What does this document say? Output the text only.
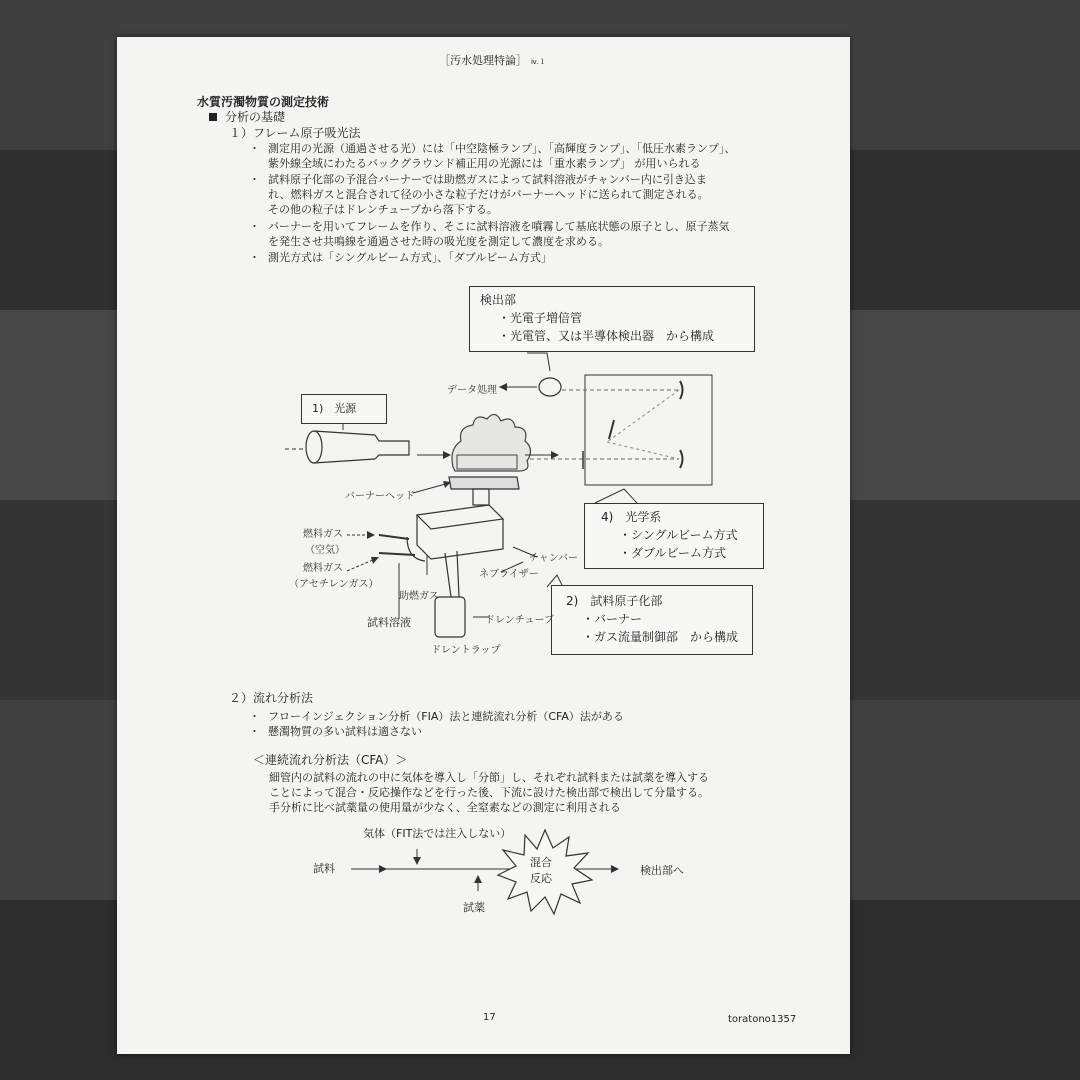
［汚水処理特論］ ⅳ.１
水質汚濁物質の測定技術
分析の基礎
１）フレーム原子吸光法
・ 測定用の光源（通過させる光）には「中空陰極ランプ」、「高輝度ランプ」、「低圧水素ランプ」、
紫外線全域にわたるバックグラウンド補正用の光源には「重水素ランプ」 が用いられる
・ 試料原子化部の予混合バーナーでは助燃ガスによって試料溶液がチャンバー内に引き込ま
れ、燃料ガスと混合されて径の小さな粒子だけがバーナーヘッドに送られて測定される。
その他の粒子はドレンチューブから落下する。
・ バーナーを用いてフレームを作り、そこに試料溶液を噴霧して基底状態の原子とし、原子蒸気
を発生させ共鳴線を通過させた時の吸光度を測定して濃度を求める。
・ 測光方式は「シングルビーム方式」、「ダブルビーム方式」
検出部
・光電子増倍管
・光電管、又は半導体検出器　から構成
データ処理
1)　光源
バーナーヘッド
4)　光学系
・シングルビーム方式
・ダブルビーム方式
燃料ガス
（空気）
燃料ガス
（アセチレンガス）
チャンバー
ネブライザー
助燃ガス	2)　試料原子化部
・バーナー
・ガス流量制御部　から構成
ドレンチューブ
試料溶液
ドレントラップ
２）流れ分析法
・ フローインジェクション分析（FIA）法と連続流れ分析（CFA）法がある
・ 懸濁物質の多い試料は適さない
＜連続流れ分析法（CFA）＞
細管内の試料の流れの中に気体を導入し「分節」し、それぞれ試料または試薬を導入する
ことによって混合・反応操作などを行った後、下流に設けた検出部で検出して分量する。
手分析に比べ試薬量の使用量が少なく、全窒素などの測定に利用される
気体（FIT法では注入しない）
試料	混合
反応
検出部へ
試薬
17	toratono1357
